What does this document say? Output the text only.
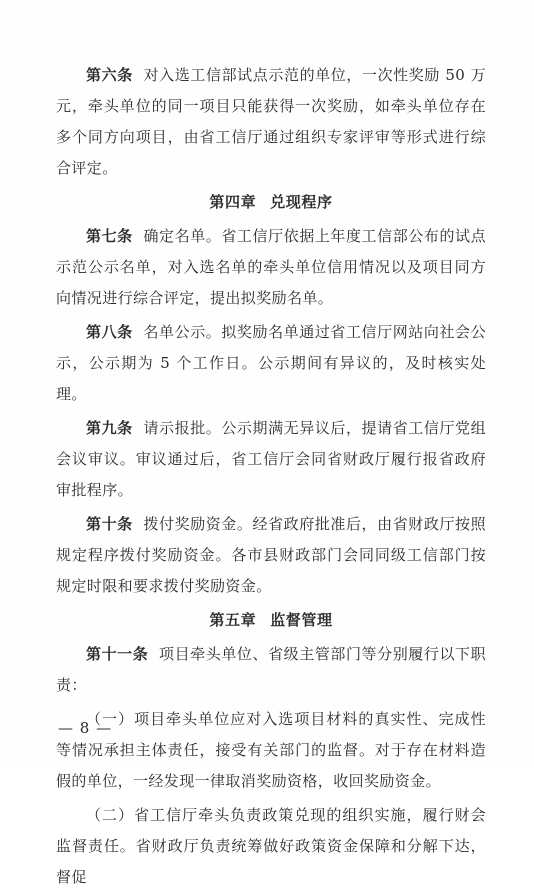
第六条 对入选工信部试点示范的单位，一次性奖励 50 万元，牵头单位的同一项目只能获得一次奖励，如牵头单位存在多个同方向项目，由省工信厅通过组织专家评审等形式进行综合评定。

第四章 兑现程序

第七条 确定名单。省工信厅依据上年度工信部公布的试点示范公示名单，对入选名单的牵头单位信用情况以及项目同方向情况进行综合评定，提出拟奖励名单。

第八条 名单公示。拟奖励名单通过省工信厅网站向社会公示，公示期为 5 个工作日。公示期间有异议的，及时核实处理。

第九条 请示报批。公示期满无异议后，提请省工信厅党组会议审议。审议通过后，省工信厅会同省财政厅履行报省政府审批程序。

第十条 拨付奖励资金。经省政府批准后，由省财政厅按照规定程序拨付奖励资金。各市县财政部门会同同级工信部门按规定时限和要求拨付奖励资金。

第五章 监督管理

第十一条 项目牵头单位、省级主管部门等分别履行以下职责：

（一）项目牵头单位应对入选项目材料的真实性、完成性等情况承担主体责任，接受有关部门的监督。对于存在材料造假的单位，一经发现一律取消奖励资格，收回奖励资金。

（二）省工信厅牵头负责政策兑现的组织实施，履行财会监督责任。省财政厅负责统筹做好政策资金保障和分解下达，督促

— 8 —
